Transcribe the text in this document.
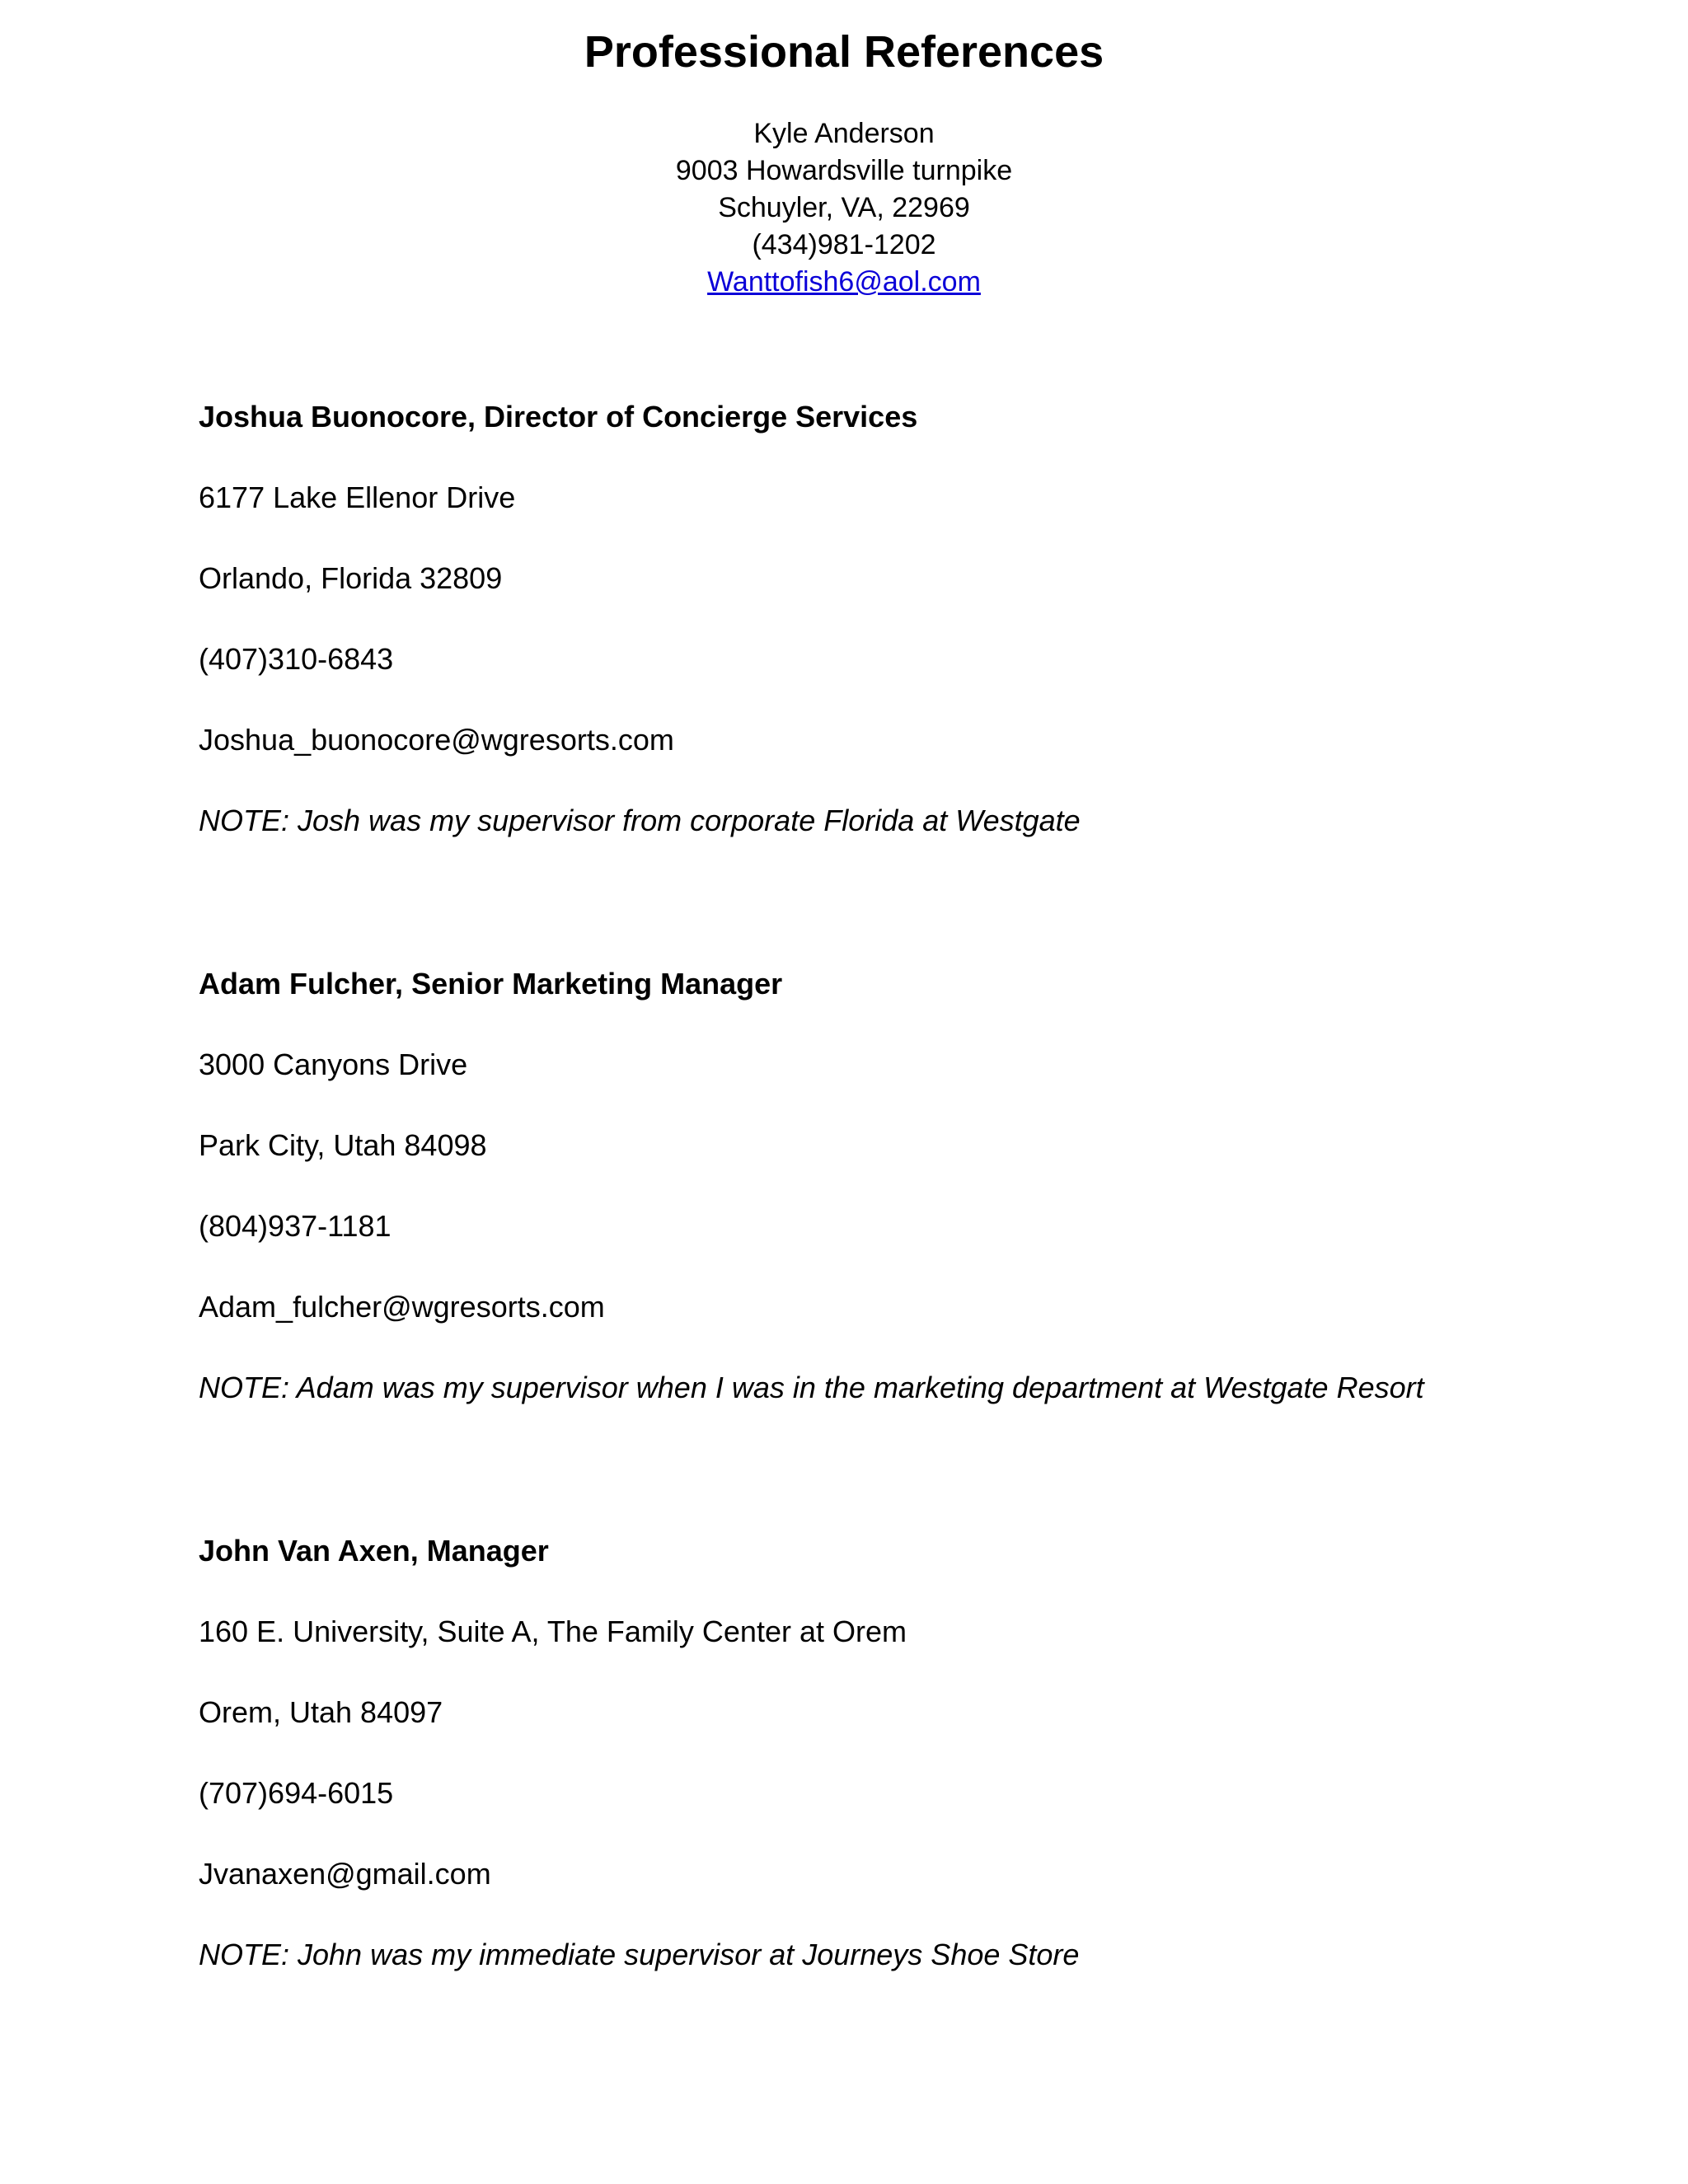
Professional References
Kyle Anderson
9003 Howardsville turnpike
Schuyler, VA, 22969
(434)981-1202
Wanttofish6@aol.com
Joshua Buonocore, Director of Concierge Services
6177 Lake Ellenor Drive
Orlando, Florida 32809
(407)310-6843
Joshua_buonocore@wgresorts.com
NOTE: Josh was my supervisor from corporate Florida at Westgate
Adam Fulcher, Senior Marketing Manager
3000 Canyons Drive
Park City, Utah 84098
(804)937-1181
Adam_fulcher@wgresorts.com
NOTE: Adam was my supervisor when I was in the marketing department at Westgate Resort
John Van Axen, Manager
160 E. University, Suite A, The Family Center at Orem
Orem, Utah 84097
(707)694-6015
Jvanaxen@gmail.com
NOTE: John was my immediate supervisor at Journeys Shoe Store
